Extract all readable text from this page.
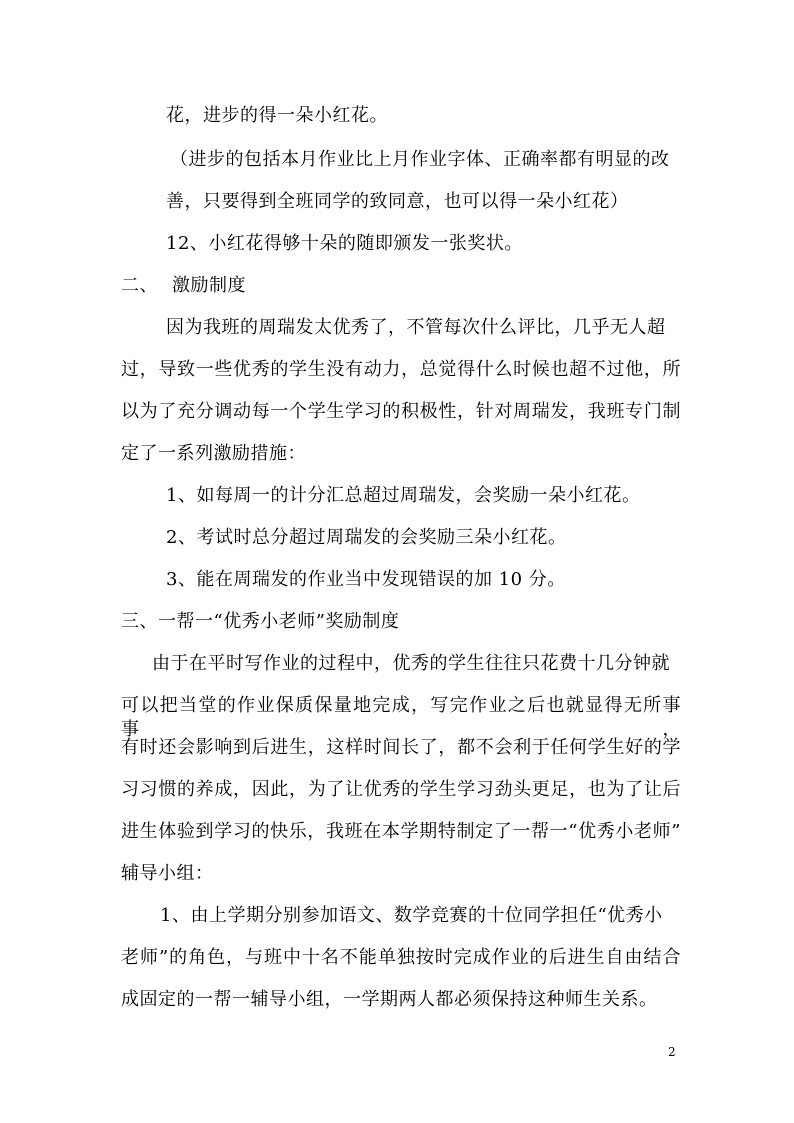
花，进步的得一朵小红花。
（进步的包括本月作业比上月作业字体、正确率都有明显的改
善，只要得到全班同学的致同意，也可以得一朵小红花）
12、小红花得够十朵的随即颁发一张奖状。
二、 激励制度
因为我班的周瑞发太优秀了，不管每次什么评比，几乎无人超
过，导致一些优秀的学生没有动力，总觉得什么时候也超不过他，所
以为了充分调动每一个学生学习的积极性，针对周瑞发，我班专门制
定了一系列激励措施：
1、如每周一的计分汇总超过周瑞发，会奖励一朵小红花。
2、考试时总分超过周瑞发的会奖励三朵小红花。
3、能在周瑞发的作业当中发现错误的加 10 分。
三、一帮一“优秀小老师”奖励制度
由于在平时写作业的过程中，优秀的学生往往只花费十几分钟就
可以把当堂的作业保质保量地完成，写完作业之后也就显得无所事事，
有时还会影响到后进生，这样时间长了，都不会利于任何学生好的学
习习惯的养成，因此，为了让优秀的学生学习劲头更足，也为了让后
进生体验到学习的快乐，我班在本学期特制定了一帮一“优秀小老师”
辅导小组：
1、由上学期分别参加语文、数学竞赛的十位同学担任“优秀小
老师”的角色，与班中十名不能单独按时完成作业的后进生自由结合
成固定的一帮一辅导小组，一学期两人都必须保持这种师生关系。
2
